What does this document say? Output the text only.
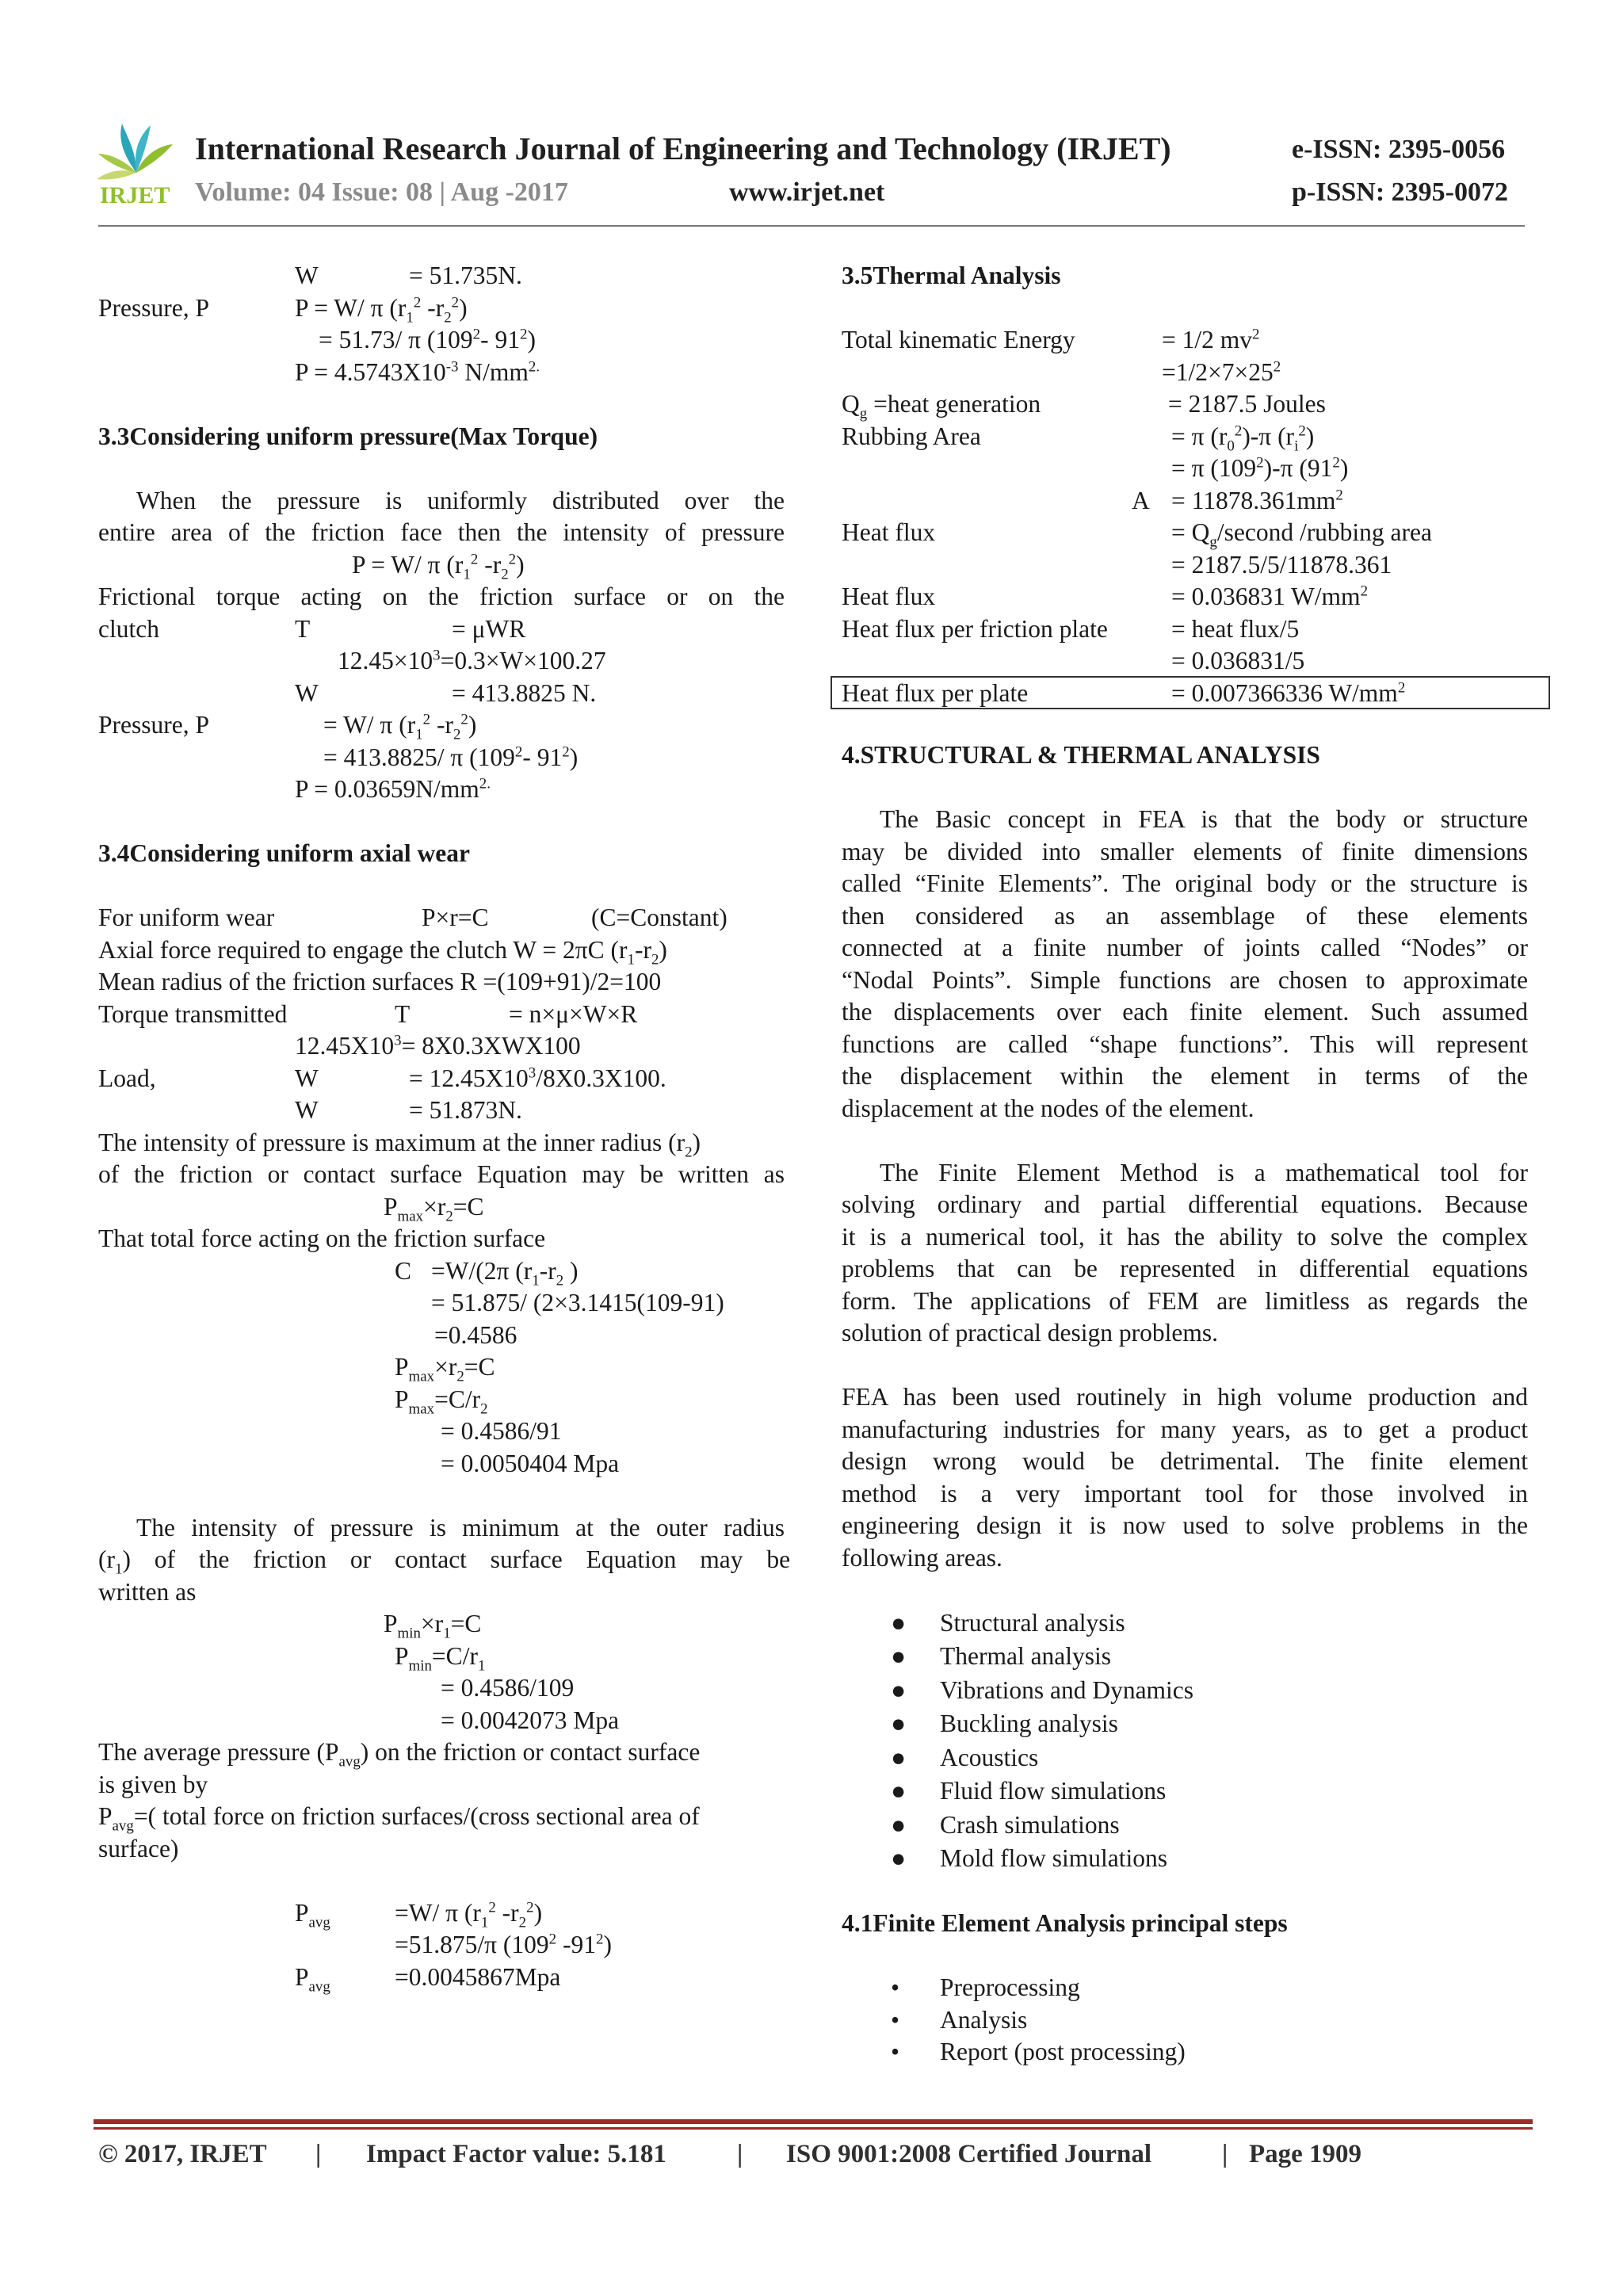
IRJET
International Research Journal of Engineering and Technology (IRJET)	e-ISSN: 2395-0056
Volume: 04 Issue: 08 | Aug -2017	www.irjet.net	p-ISSN: 2395-0072
W	= 51.735N.
Pressure, P	P = W/ π ($r_1^2$ $-r_2^2$)
= 51.73/ π ($109^2-$ $91^2$)
$P = 4.5743X10^{-3}$ $N/mm^{2.}$
3.3Considering uniform pressure(Max Torque)
When the pressure is uniformly distributed over the
entire area of the friction face then the intensity of pressure
P = W/ π ($r_1^2$ $-r_2^2$)
Frictional torque acting on the friction surface or on the
clutch	T	= μWR
$12.45\times 10^3=0.3\times W\times 100.27$
W	= 413.8825 N.
Pressure, P	= W/ π ($r_1^2$ $-r_2^2$)
= 413.8825/ π ($109^2-$ $91^2$)
$P = 0.03659N/mm^{2.}$
3.4Considering uniform axial wear
For uniform wear	P×r=C	(C=Constant)
Axial force required to engage the clutch W = 2πC $(r_1-r_2)$
Mean radius of the friction surfaces R =(109+91)/2=100
Torque transmitted	T	= n×μ×W×R
$12.45X10^3= 8X0.3XWX100$
Load,	W	= $12.45X10^3/8X0.3X100$.
W	= 51.873N.
The intensity of pressure is maximum at the inner radius $(r_2)$
of the friction or contact surface Equation may be written as
$P_{max}\times r_2=C$
That total force acting on the friction surface
C =W/(2π ($r_1-r_2$ )
= 51.875/ (2×3.1415(109-91)
=0.4586
$P_{max}\times r_2=C$
$P_{max}=C/r_2$
= 0.4586/91
= 0.0050404 Mpa
The intensity of pressure is minimum at the outer radius
$(r_1)$ of the friction or contact surface Equation may be
written as
$P_{min}\times r_1=C$
$P_{min}=C/r_1$
= 0.4586/109
= 0.0042073 Mpa
The average pressure $(P_{avg})$ on the friction or contact surface
is given by
$P_{avg}=$( total force on friction surfaces/(cross sectional area of
surface)
$P_{avg}$	=W/ π ($r_1^2$ $-r_2^2$)
=51.875/π ($109^2$ $-91^2$)
$P_{avg}$	=0.0045867Mpa
3.5Thermal Analysis
Total kinematic Energy	= 1/2 $mv^2$
$=1/2\times 7\times 25^2$
$Q_g$ =heat generation	= 2187.5 Joules
Rubbing Area	= π $(r_0^2)-\pi$ $(r_i^2)$
= π $(109^2)-\pi$ $(91^2)$
$A = 11878.361mm^2$
Heat flux	= $Q_g$/second /rubbing area
= 2187.5/5/11878.361
Heat flux	= 0.036831 $W/mm^2$
Heat flux per friction plate	= heat flux/5
= 0.036831/5
Heat flux per plate	= 0.007366336 $W/mm^2$
4.STRUCTURAL & THERMAL ANALYSIS
The Basic concept in FEA is that the body or structure
may be divided into smaller elements of finite dimensions
called “Finite Elements”. The original body or the structure is
then considered as an assemblage of these elements
connected at a finite number of joints called “Nodes” or
“Nodal Points”. Simple functions are chosen to approximate
the displacements over each finite element. Such assumed
functions are called “shape functions”. This will represent
the displacement within the element in terms of the
displacement at the nodes of the element.
The Finite Element Method is a mathematical tool for
solving ordinary and partial differential equations. Because
it is a numerical tool, it has the ability to solve the complex
problems that can be represented in differential equations
form. The applications of FEM are limitless as regards the
solution of practical design problems.
FEA has been used routinely in high volume production and
manufacturing industries for many years, as to get a product
design wrong would be detrimental. The finite element
method is a very important tool for those involved in
engineering design it is now used to solve problems in the
following areas.
● Structural analysis
● Thermal analysis
● Vibrations and Dynamics
● Buckling analysis
● Acoustics
● Fluid flow simulations
● Crash simulations
● Mold flow simulations
4.1Finite Element Analysis principal steps
• Preprocessing
• Analysis
• Report (post processing)
© 2017, IRJET | Impact Factor value: 5.181	| ISO 9001:2008 Certified Journal	| Page 1909
